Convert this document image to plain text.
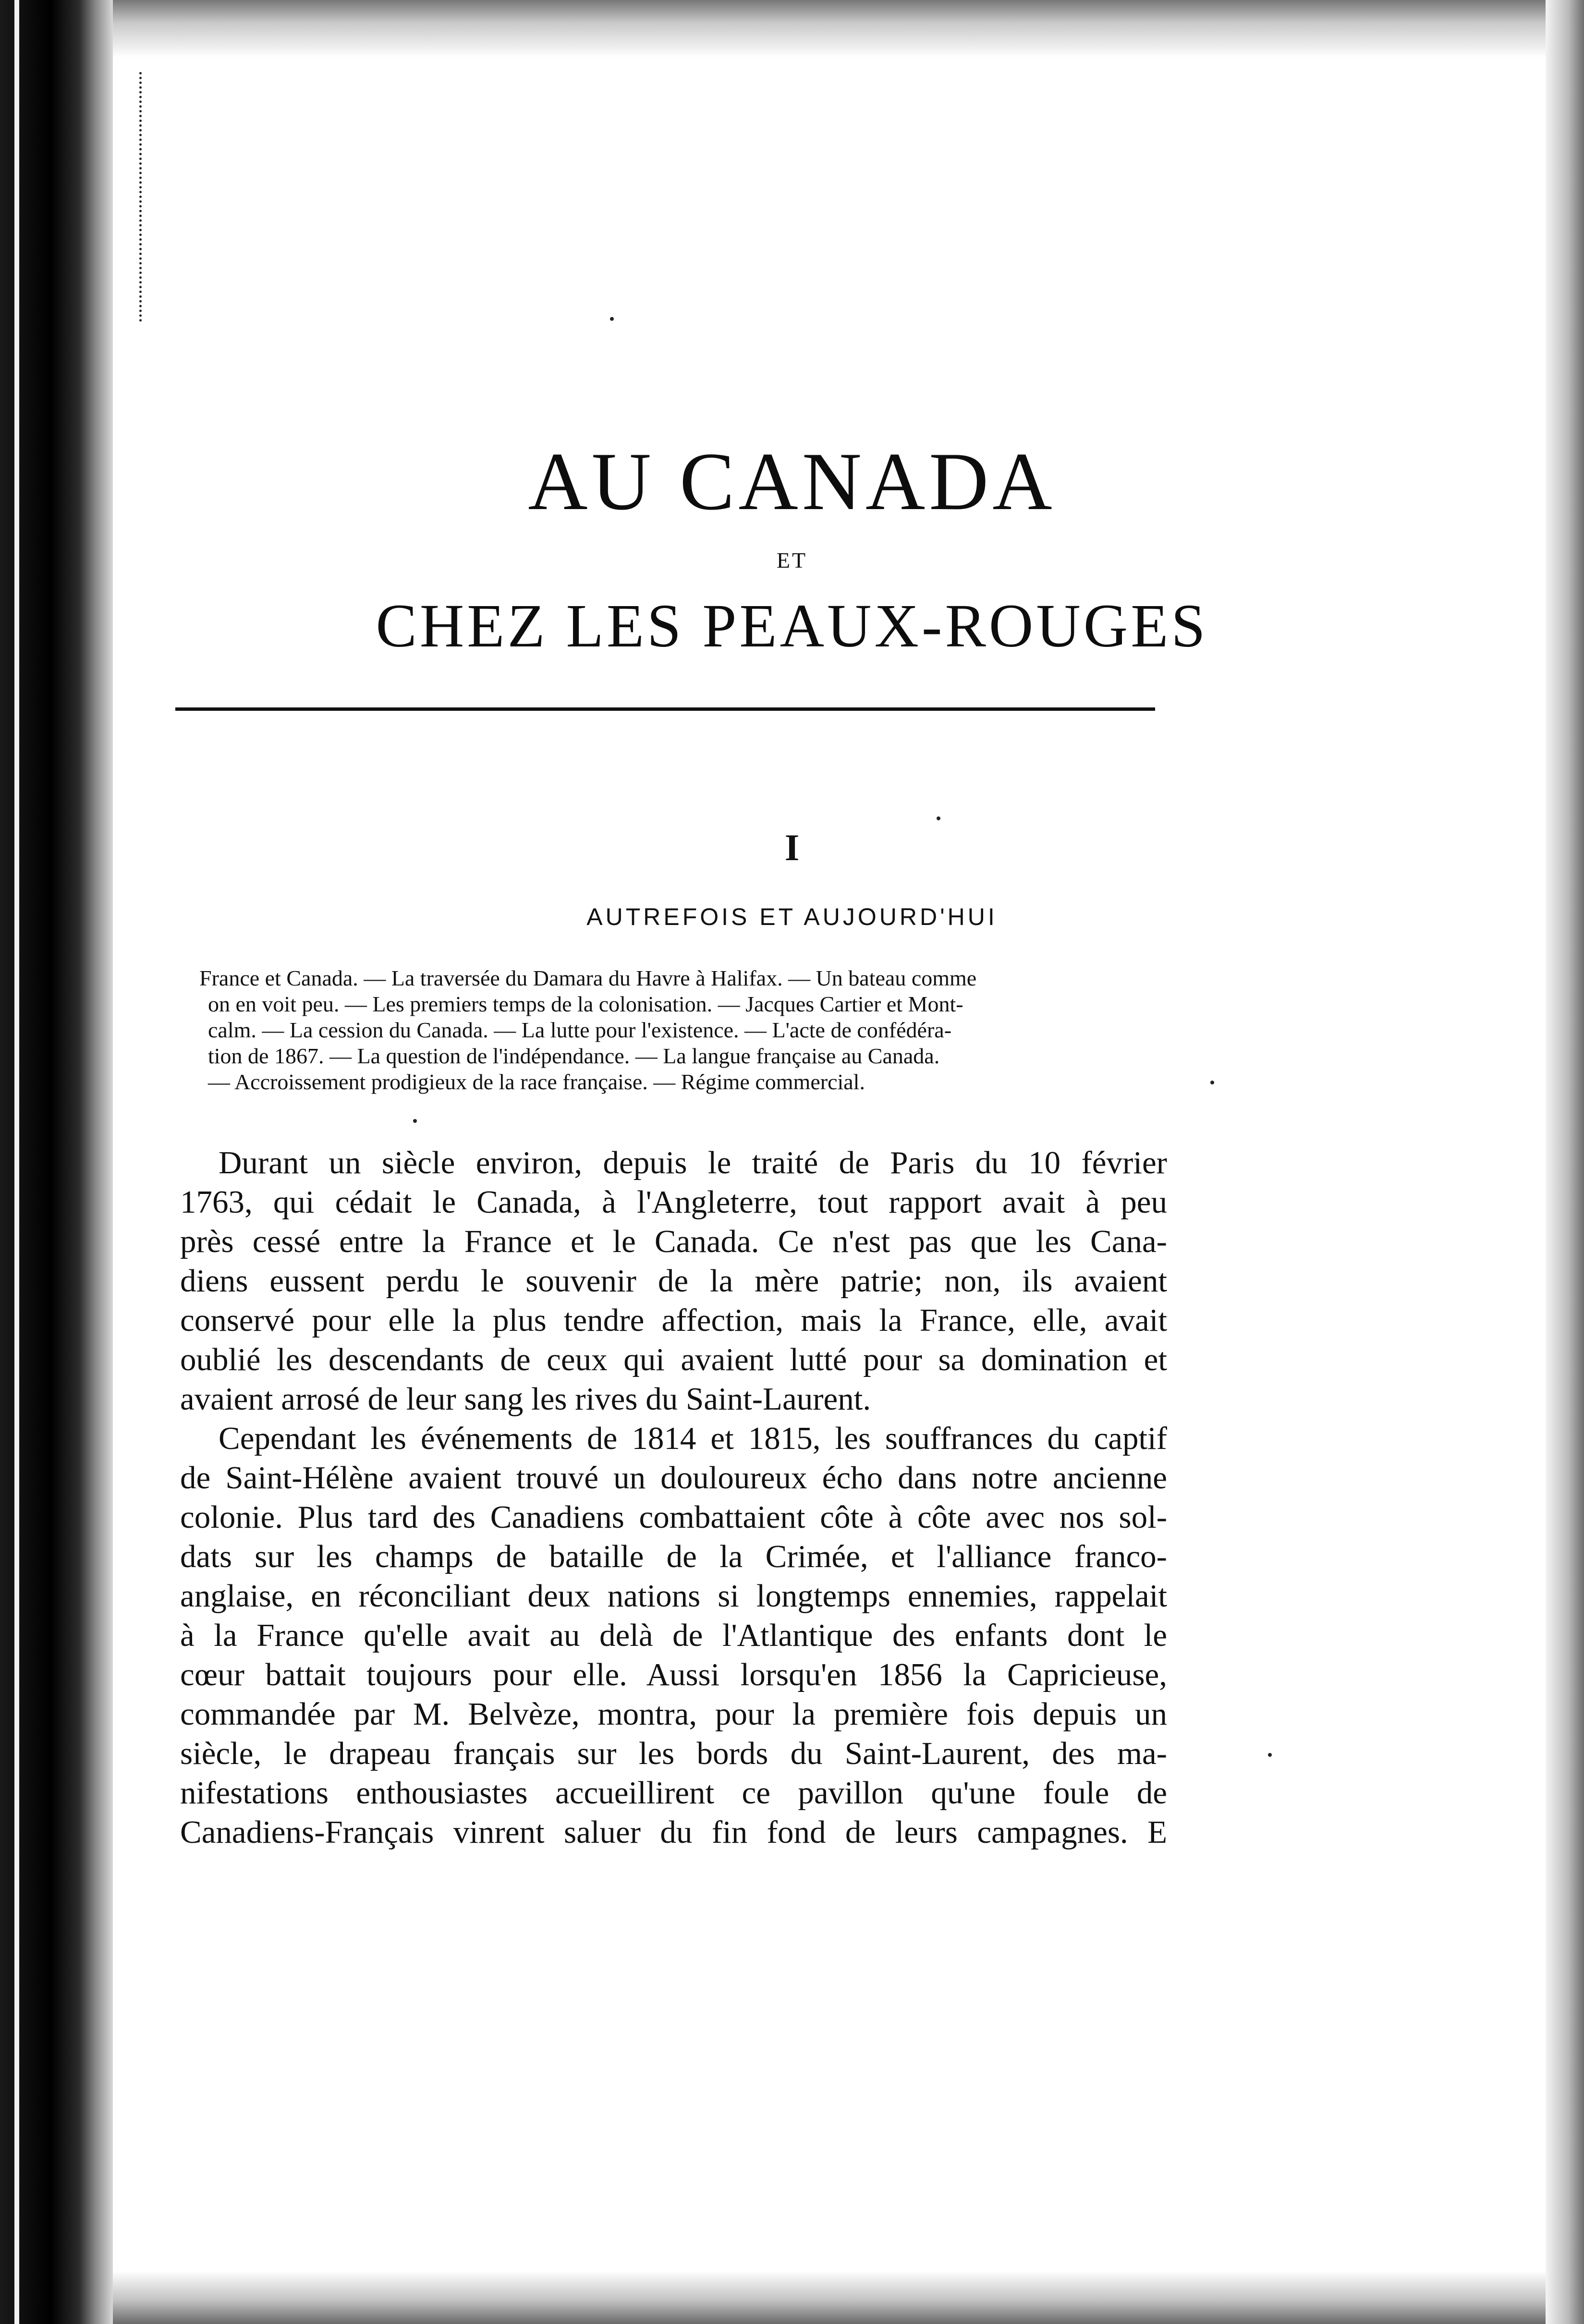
AU CANADA
ET
CHEZ LES PEAUX-ROUGES
I
AUTREFOIS ET AUJOURD'HUI
France et Canada. — La traversée du Damara du Havre à Halifax. — Un bateau comme
on en voit peu. — Les premiers temps de la colonisation. — Jacques Cartier et Mont-
calm. — La cession du Canada. — La lutte pour l'existence. — L'acte de confédéra-
tion de 1867. — La question de l'indépendance. — La langue française au Canada.
— Accroissement prodigieux de la race française. — Régime commercial.
Durant un siècle environ, depuis le traité de Paris du 10 février
1763, qui cédait le Canada, à l'Angleterre, tout rapport avait à peu
près cessé entre la France et le Canada. Ce n'est pas que les Cana-
diens eussent perdu le souvenir de la mère patrie; non, ils avaient
conservé pour elle la plus tendre affection, mais la France, elle, avait
oublié les descendants de ceux qui avaient lutté pour sa domination et
avaient arrosé de leur sang les rives du Saint-Laurent.
Cependant les événements de 1814 et 1815, les souffrances du captif
de Saint-Hélène avaient trouvé un douloureux écho dans notre ancienne
colonie. Plus tard des Canadiens combattaient côte à côte avec nos sol-
dats sur les champs de bataille de la Crimée, et l'alliance franco-
anglaise, en réconciliant deux nations si longtemps ennemies, rappelait
à la France qu'elle avait au delà de l'Atlantique des enfants dont le
cœur battait toujours pour elle. Aussi lorsqu'en 1856 la Capricieuse,
commandée par M. Belvèze, montra, pour la première fois depuis un
siècle, le drapeau français sur les bords du Saint-Laurent, des ma-
nifestations enthousiastes accueillirent ce pavillon qu'une foule de
Canadiens-Français vinrent saluer du fin fond de leurs campagnes. E
